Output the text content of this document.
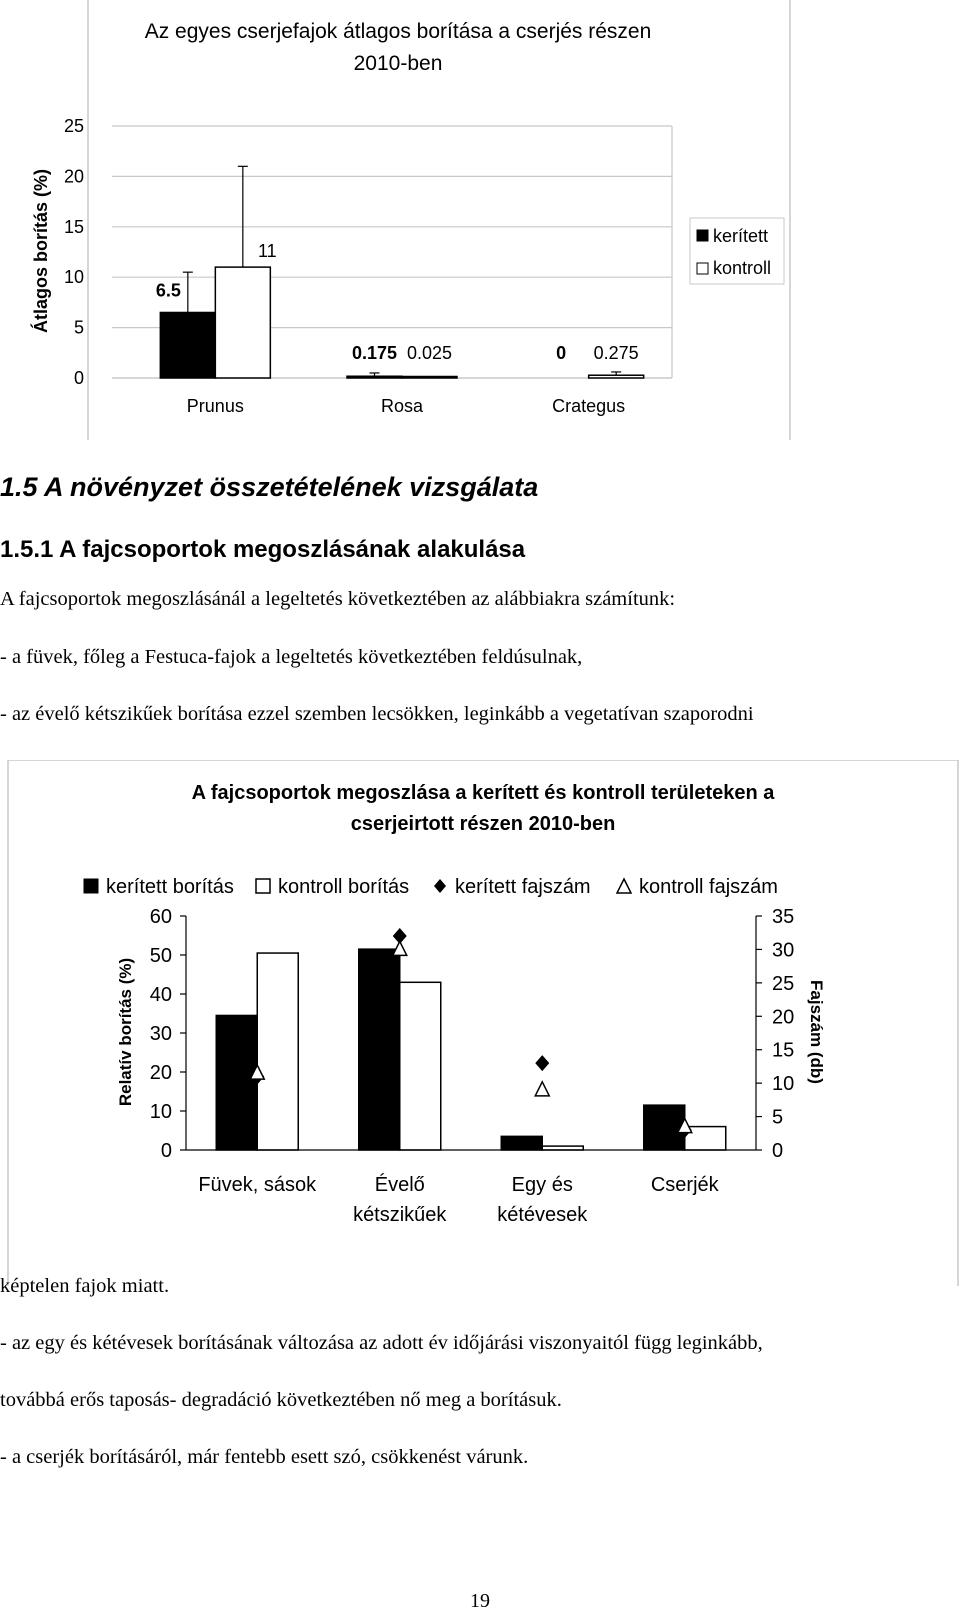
Az egyes cserjefajok átlagos borítása a cserjés részen
2010-ben
Átlagos borítás (%)
0
5
10
15
20
25
6.5
11
0.175 0.025	0 0.275
Prunus	Rosa	Crategus
kerített
kontroll
1.5 A növényzet összetételének vizsgálata
1.5.1 A fajcsoportok megoszlásának alakulása

A fajcsoportok megoszlásánál a legeltetés következtében az alábbiakra számítunk:

- a füvek, főleg a Festuca-fajok a legeltetés következtében feldúsulnak,

- az évelő kétszikűek borítása ezzel szemben lecsökken, leginkább a vegetatívan szaporodni

A fajcsoportok megoszlása a kerített és kontroll területeken a
cserjeirtott részen 2010-ben
kerített borítás kontroll borítás kerített fajszám kontroll fajszám
Relatív borítás (%)	Fajszám (db)
0
10
20
30
40
50
60
0
5
10
15
20
25
30
35
Füvek, sások	Évelő
kétszikűek
Egy és
kétévesek
Cserjék

képtelen fajok miatt.

- az egy és kétévesek borításának változása az adott év időjárási viszonyaitól függ leginkább,

továbbá erős taposás- degradáció következtében nő meg a borításuk.

- a cserjék borításáról, már fentebb esett szó, csökkenést várunk.

19
